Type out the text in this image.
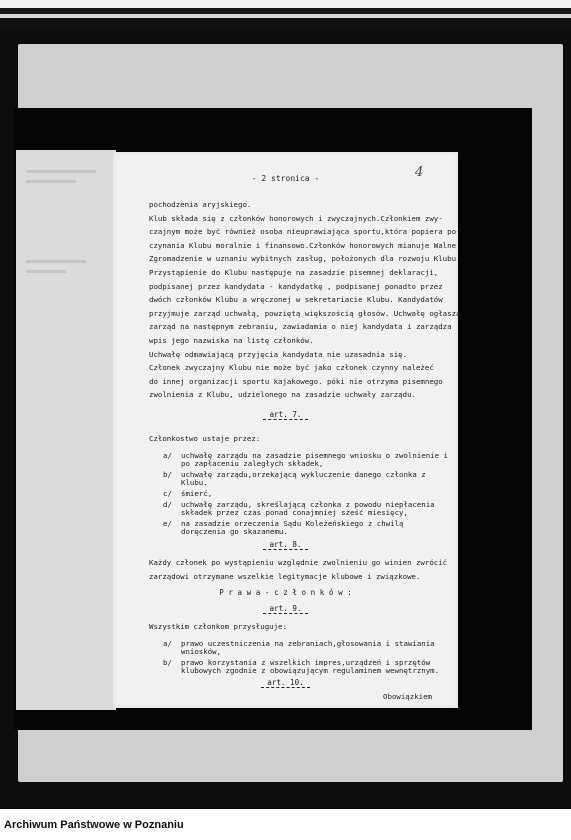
- 2 stronica -	4

pochodzenia aryjskiego.

Klub składa się z członków honorowych i zwyczajnych.Członkiem zwy-

czajnym może być również osoba nieuprawiająca sportu,która popiera po-

czynania Klubu moralnie i finansowo.Członków honorowych mianuje Walne

Zgromadzenie w uznaniu wybitnych zasług, położonych dla rozwoju Klubu.

Przystąpienie do Klubu następuje na zasadzie pisemnej deklaracji,

podpisanej przez kandydata - kandydatkę , podpisanej ponadto przez

dwóch członków Klubu a wręczonej w sekretariacie Klubu. Kandydatów

przyjmuje zarząd uchwałą, powziętą większością głosów. Uchwałę ogłasza

zarząd na następnym zebraniu, zawiadamia o niej kandydata i zarządza

wpis jego nazwiska na listę członków.

Uchwałę odmawiającą przyjęcia kandydata nie uzasadnia się.

Członek zwyczajny Klubu nie może być jako członek czynny należeć

do innej organizacji sportu kajakowego. póki nie otrzyma pisemnego

zwolnienia z Klubu, udzielonego na zasadzie uchwały zarządu.

art. 7.

Członkostwo ustaje przez:

a/	uchwałę zarządu na zasadzie pisemnego wniosku o zwolnienie i po zapłaceniu zaległych składek,
b/	uchwałę zarządu,orzekającą wykluczenie danego członka z Klubu.
c/	śmierć,
d/	uchwałę zarządu, skreślającą członka z powodu niepłacenia składek przez czas ponad conajmniej sześć miesięcy,
e/	na zasadzie orzeczenia Sądu Koleżeńskiego z chwilą doręczenia go skazanemu.
art. 8.

Każdy członek po wystąpieniu względnie zwolnieniu go winien zwrócić

zarządowi otrzymane wszelkie legitymacje klubowe i związkowe.

P r a w a - c z ł o n k ó w :
art. 9.

Wszystkim członkom przysługuje:

a/	prawo uczestniczenia na zebraniach,głosowania i stawiania wniosków,
b/	prawo korzystania z wszelkich impres,urządzeń i sprzętów klubowych zgodnie z obowiązującym regulaminem wewnętrznym.
art. 10.
Obowiązkiem
Archiwum Państwowe w Poznaniu
